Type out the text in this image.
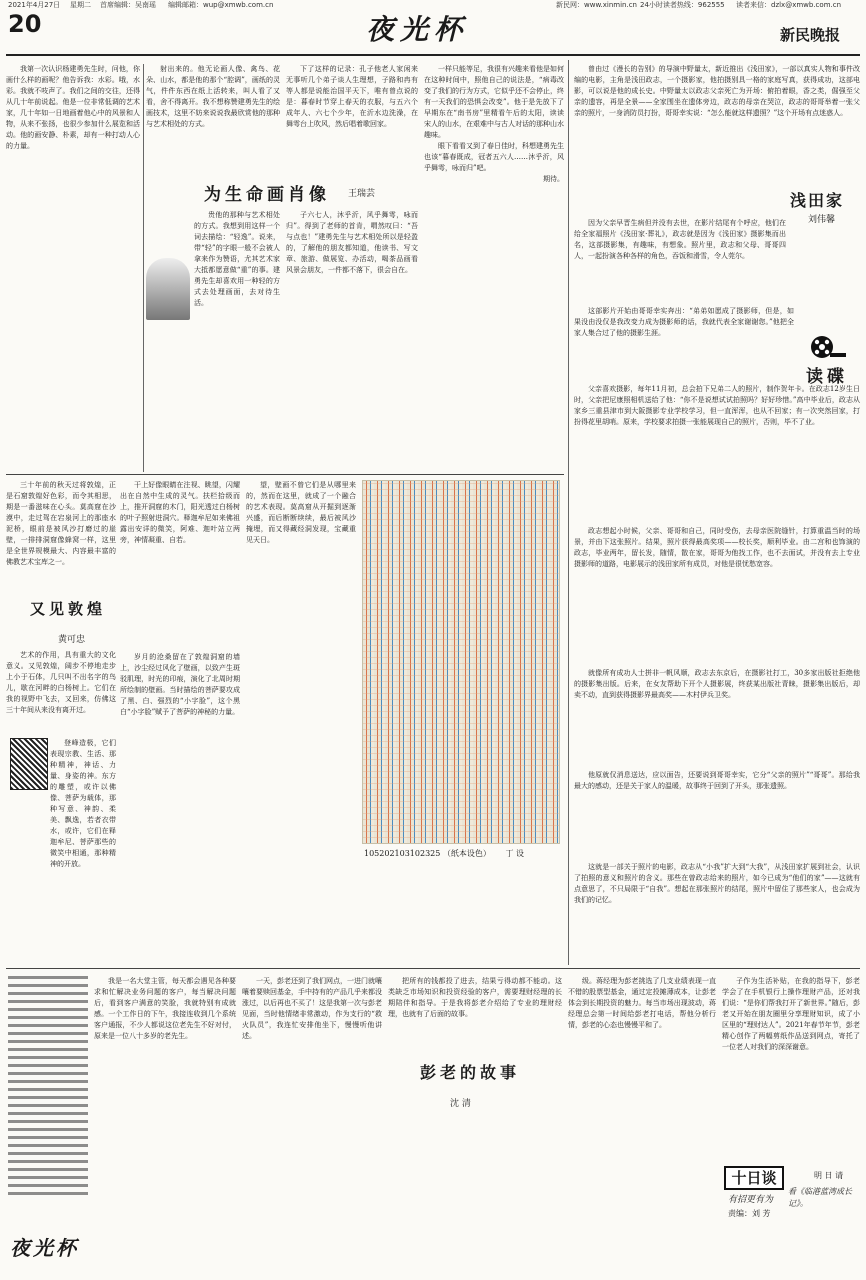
2021年4月27日 星期二 首席编辑：吴南瑶 编辑邮箱：wup@xmwb.com.cn	新民网：www.xinmin.cn 24小时读者热线：962555 读者来信：dzlx@xmwb.com.cn
20	夜光杯	新民晚报

我第一次认识杨建勇先生时，问他，你画什么样的画呢？他告诉我：水彩。哦，水彩。我就不吱声了。我们之间的交往，还得从几十年前说起。他是一位非常低调的艺术家，几十年如一日地画着他心中的风景和人物，从来不张扬，也很少参加什么展览和活动。他的画安静、朴素，却有一种打动人心的力量。

射出来的。他无论画人像、禽鸟、花朵、山水，都是他的那个“腔调”，画纸的灵气，件件东西在纸上活转来，叫人看了又看，舍不得离开。我不想称赞建勇先生的绘画技术，这里不妨来说说我最欣赏他的那种与艺术相处的方式。

下了这样的记录：孔子他老人家闲来无事听几个弟子谈人生理想，子路和冉有等人都是说能治国平天下，唯有曾点说的是：暮春时节穿上春天的衣服，与五六个成年人、六七个少年，在沂水边洗澡，在舞雩台上吹风，然后唱着歌回家。

一样只能等足，我很有兴趣来看他是如何在这种时间中，照他自己的说法是，“病毒改变了我们的行为方式，它似乎还不会停止，终有一天我们的恐惧会改变”。他于是先放下了早期东在“南书房”里精看午后的太阳，读读宋人的山水，在艰难中与古人对话的那种山水趣味。

眼下看看又到了春日佳时，科想建勇先生也该“暮春既成，冠者五六人……沐乎沂，风乎舞雩，咏而归”吧。

期待。

为生命画肖像 王瑞芸

贵他的那种与艺术相处的方式。我想到用这样一个词去描绘：“轻逸”。说来，带“轻”的字眼一般不会被人拿来作为赞语，尤其艺术家大抵都愿意做“重”的事。建勇先生却喜欢用一种轻的方式去处理画面，去对待生活。

子六七人，沐乎沂，风乎舞雩，咏而归”。得到了老师的首肯，喟然叹曰：“吾与点也！”建勇先生与艺术相处所以是轻盈的，了解他的朋友都知道，他读书、写文章、旅游、做展览、办活动，喝茶品画看风景会朋友，一件都不落下，很会自在。

曾由过《漫长的告别》的导演中野量太，新近推出《浅田家》，一部以真实人物和事件改编的电影，主角是浅田政志，一个摄影家，他拍摄别具一格的家庭写真，获得成功，这部电影，可以说是他的成长史。中野量太以政志父亲死亡为开场：俯拍着眼，香之类，倔强至父亲的遗容，再是全景——全家围坐在遗体旁边，政志的母亲在哭泣，政志的哥哥举着一张父亲的照片，一身消防员打扮，哥哥幸实说：“怎么能就这样遗照？”这个开场有点迷惑人。

浅田家
刘伟馨

因为父亲早晋生病但并没有去世，在影片结尾有个呼应，他们在给全家福照片《浅田家·葬礼》，政志就是因为《浅田家》摄影集而出名，这部摄影集，有趣味，有想象。照片里，政志和父母、哥哥四人，一起扮演各种各样的角色，吞饭和滑雪，令人莞尔。

这部影片开始由哥哥幸实奔出：“弟弟如愿成了摄影师，但是，如果没由没仅是我改变力成为摄影师的话，我就代表全家谢谢您。”他把全家人集合过了他的摄影生涯。

读碟

父亲喜欢摄影，每年11月初，总会拍下兄弟二人的照片，制作贺年卡。在政志12岁生日时，父亲把尼康照相机送给了他：“你不是说想试试拍照吗？好好珍惜。”高中毕业后，政志从家乡三重县津市到大阪摄影专业学校学习，但一直浑浑，也从不回家；有一次突然回家，打扮得花里胡哨。原来，学校要求拍摄一张能展现自己的照片，否则，毕不了业。

政志想起小时候，父亲、哥哥和自己，同时受伤，去母亲医院缝针，打算重温当时的场景，并由下这张照片。结果，照片获得最高奖项——校长奖，顺利毕业。由二宫和也饰演的政志，毕业两年，留长发，随情，散在家，哥哥为他找工作，也不去面试，并没有去上专业摄影师的道路，电影展示的浅田家所有成员，对他是很忧愁宽容。

就像所有成功人士拼非一帆风顺，政志去东京后，在摄影社打工，30多家出版社拒绝他的摄影集出版。后来，在女友帮助下开个人摄影展，终获某出版社青睐，摄影集出版后，却卖不动，直到获得摄影界最高奖——木村伊兵卫奖。

他原就仅消息送达，应以面告，还要说到哥哥幸实，它分“父亲的照片”“哥哥”。那给我最大的感动，还是关于家人的温暖，故事终于回到了开头，那张遗照。

这就是一部关于照片的电影，政志从“小我”扩大到“大我”，从浅田家扩展到社会，认识了拍照的意义和照片的含义。那些在曾政志给来的照片，如今已成为“他们的家”——这就有点意思了，不只局限于“自我”。想起在那张照片的结尾，照片中留住了那些家人，也会成为我们的记忆。

三十年前的秋天过将敦煌，正是石窟敦煌好色彩，而令其相思，期是一番滋味在心头。莫高窟在沙漠中，走过驾在宕泉河上的那座水泥桥，眼前是被风沙打磨过的崖壁，一排排洞窟像蜂窝一样，这里是全世界规模最大、内容最丰富的佛教艺术宝库之一。

又见敦煌
黄可忠

艺术的作用，具有重大的文化意义。又见敦煌，阔步不停地走步上小于石体，几只叫不出名字的鸟儿，歇在河畔的白杨树上。它们在我的视野中飞去，又回来，仿佛这三十年间从来没有离开过。

登峰造极，它们表现宗教、生活、那种精神，神话、力量、身姿的神。东方的雕塑，或许以佛像、菩萨为载体，那种写意、神韵、柔美、飘逸，若者衣带水，或许，它们在释迦牟尼、菩萨那些的微笑中相通，那种精神的开放。

干上好像眼睛在注视、眺望，闪耀出在自然中生成的灵气。扶栏拾级而上，推开洞窟的木门，阳光透过白杨树的叶子照射进洞穴。释迦牟尼如来佛祖露出安详的微笑，阿难、迦叶站立两旁，神情凝重、自若。

岁月的沧桑留在了敦煌洞窟的墙上，沙尘经过风化了壁画，以致产生斑驳肌理，时光的印痕，演化了北周时期所绘制的壁画。当时描绘的菩萨要攻成了黑、白、强烈的“小字脸”，这个黑白“小字脸”赋予了菩萨的神秘的力量。

望，壁画不曾它们是从哪里来的，然而在这里，就成了一个融合的艺术表现。莫高窟从开掘到逐渐兴盛，而后断断续续，最后被风沙掩埋，而又得藏经洞发现，宝藏重见天日。

105202103102325 （纸本设色） 丁 设
夜光杯

我是一名大堂主管，每天都会遇见各种要求和忙解决业务问题的客户，每当解决问题后，看到客户满意的笑脸，我就特别有成就感。一个工作日的下午，我接连收到几个系统客户通报，不少人都说这位老先生不好对付，原来是一位八十多岁的老先生。

一天，彭老还到了我们网点，一进门就嚷嚷着要赎回基金，手中持有的产品几乎来都没涨过，以后再也不买了！这是我第一次与彭老见面，当时他情绪非常激动，作为支行的“救火队员”，我连忙安排他坐下，慢慢听他讲述。

把所有的钱都投了进去，结果亏得动都不能动。这类缺乏市场知识和投资经验的客户，需要理财经理的长期陪伴和指导。于是我将彭老介绍给了专业的理财经理，也就有了后面的故事。

彭老的故事
沈 清

级。蒋经理为彭老挑选了几支业绩表现一直不错的股票型基金，通过定投摊薄成本，让彭老体会到长期投资的魅力。每当市场出现波动，蒋经理总会第一时间给彭老打电话，帮他分析行情，彭老的心态也慢慢平和了。

子作为生活补贴，在我的指导下，彭老学会了在手机银行上操作理财产品，还对我们说：“是你们帮我打开了新世界。”随后，彭老又开始在朋友圈里分享理财知识，成了小区里的“理财达人”。2021年春节年节，彭老精心创作了两幅剪纸作品送到网点，寄托了一位老人对我们的深深谢意。

十日谈
有招更有为
责编：刘 芳
明 日 请
看《临港蓝湾成长记》。
